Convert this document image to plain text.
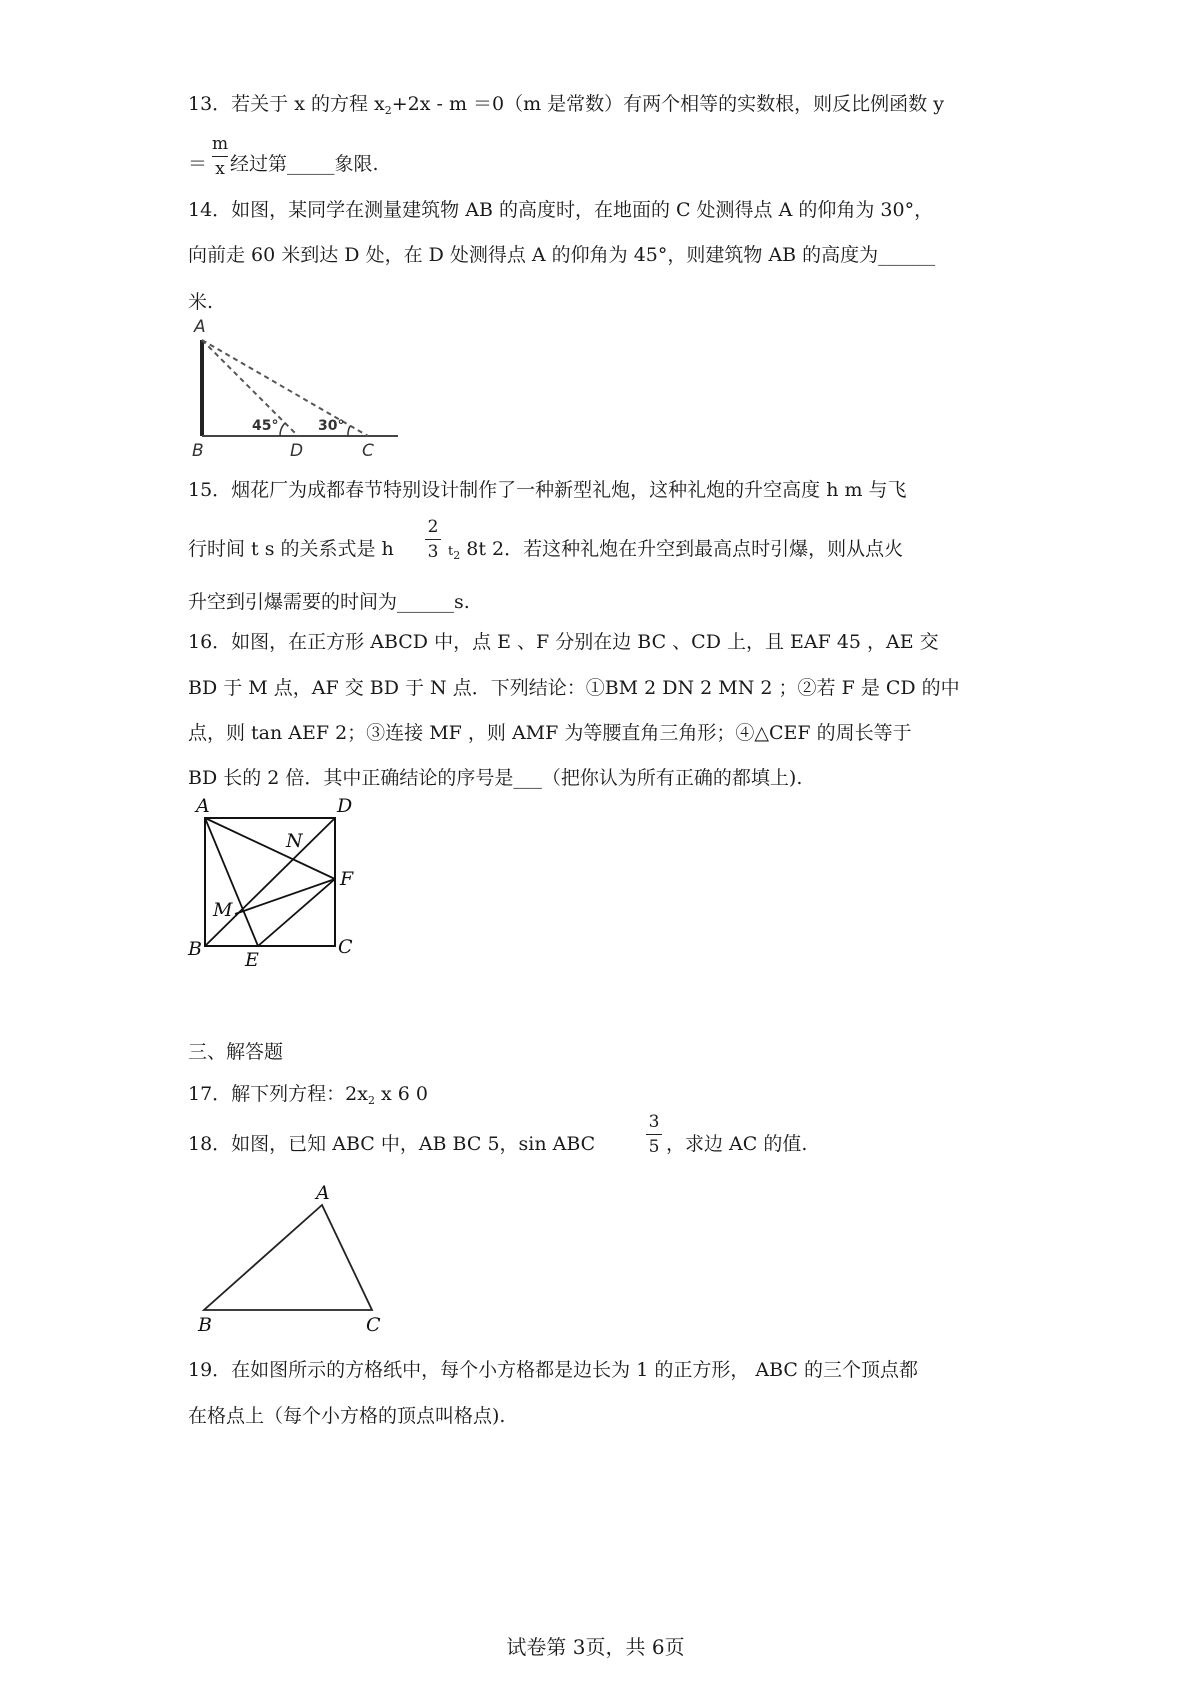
13．若关于 x 的方程 $x_2+2x - m =0(m$ 是常数）有两个相等的实数根，则反比例函数 y
＝
m
x 经过第_____象限.
14．如图，某同学在测量建筑物 AB 的高度时，在地面的 C 处测得点 A 的仰角为 30°，
向前走 60 米到达 D 处，在 D 处测得点 A 的仰角为 45°，则建筑物 AB 的高度为______
米.
A
B	D	C
45°	30°
15．烟花厂为成都春节特别设计制作了一种新型礼炮，这种礼炮的升空高度 h m 与飞
行时间 t s 的关系式是 h
2
3 $t_2$ 8t 2．若这种礼炮在升空到最高点时引爆，则从点火
升空到引爆需要的时间为______s.
16．如图，在正方形 ABCD 中，点 E 、F 分别在边 BC 、CD 上，且 EAF 45 ，AE 交
BD 于 M 点，AF 交 BD 于 N 点．下列结论：①BM 2 DN 2 MN 2 ；②若 F 是 CD 的中
点，则 tan AEF 2；③连接 MF ，则 AMF 为等腰直角三角形；④△CEF 的周长等于
BD 长的 2 倍．其中正确结论的序号是___（把你认为所有正确的都填上).
A	D
N
F
M
B	C
E
三、解答题
17．解下列方程：$2x_2$ x 6 0
18．如图，已知 ABC 中，AB BC 5，sin ABC
3
5 ，求边 AC 的值.
A
B	C
19．在如图所示的方格纸中，每个小方格都是边长为 1 的正方形， ABC 的三个顶点都
在格点上（每个小方格的顶点叫格点).
试卷第 3页，共 6页
